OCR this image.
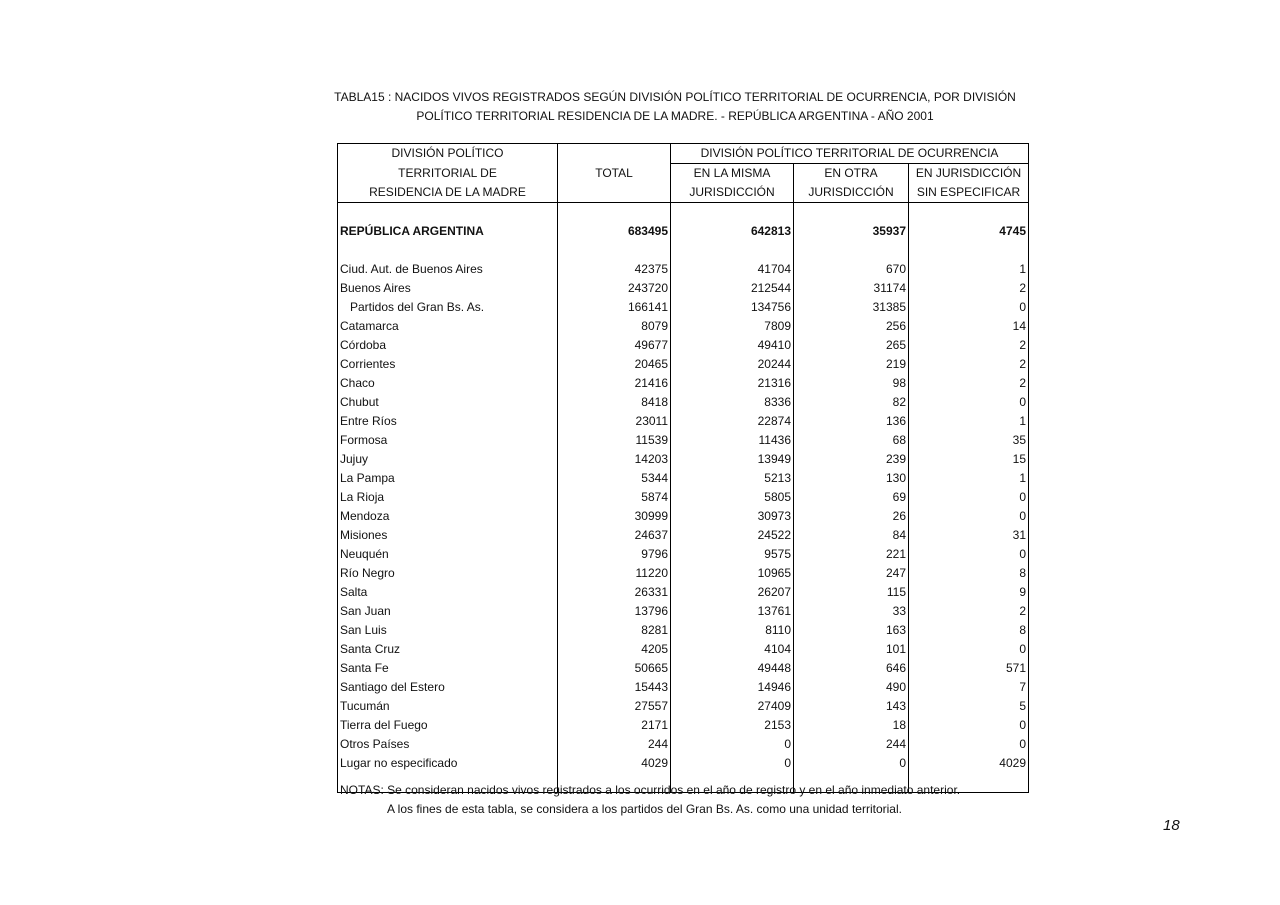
TABLA15 : NACIDOS VIVOS REGISTRADOS SEGÚN DIVISIÓN POLÍTICO TERRITORIAL DE OCURRENCIA, POR DIVISIÓN
POLÍTICO TERRITORIAL RESIDENCIA DE LA MADRE. - REPÚBLICA ARGENTINA - AÑO 2001
DIVISIÓN POLÍTICO		DIVISIÓN POLÍTICO TERRITORIAL DE OCURRENCIA		
TERRITORIAL DE	TOTAL	EN LA MISMA	EN OTRA	EN JURISDICCIÓN
RESIDENCIA DE LA MADRE		JURISDICCIÓN	JURISDICCIÓN	SIN ESPECIFICAR

REPÚBLICA ARGENTINA	683495	642813	35937	4745

Ciud. Aut. de Buenos Aires	42375	41704	670	1
Buenos Aires	243720	212544	31174	2
Partidos del Gran Bs. As.	166141	134756	31385	0
Catamarca	8079	7809	256	14
Córdoba	49677	49410	265	2
Corrientes	20465	20244	219	2
Chaco	21416	21316	98	2
Chubut	8418	8336	82	0
Entre Ríos	23011	22874	136	1
Formosa	11539	11436	68	35
Jujuy	14203	13949	239	15
La Pampa	5344	5213	130	1
La Rioja	5874	5805	69	0
Mendoza	30999	30973	26	0
Misiones	24637	24522	84	31
Neuquén	9796	9575	221	0
Río Negro	11220	10965	247	8
Salta	26331	26207	115	9
San Juan	13796	13761	33	2
San Luis	8281	8110	163	8
Santa Cruz	4205	4104	101	0
Santa Fe	50665	49448	646	571
Santiago del Estero	15443	14946	490	7
Tucumán	27557	27409	143	5
Tierra del Fuego	2171	2153	18	0
Otros Países	244	0	244	0
Lugar no especificado	4029	0	0	4029

NOTAS: Se consideran nacidos vivos registrados a los ocurridos en el año de registro y en el año inmediato anterior.
A los fines de esta tabla, se considera a los partidos del Gran Bs. As. como una unidad territorial.
18
